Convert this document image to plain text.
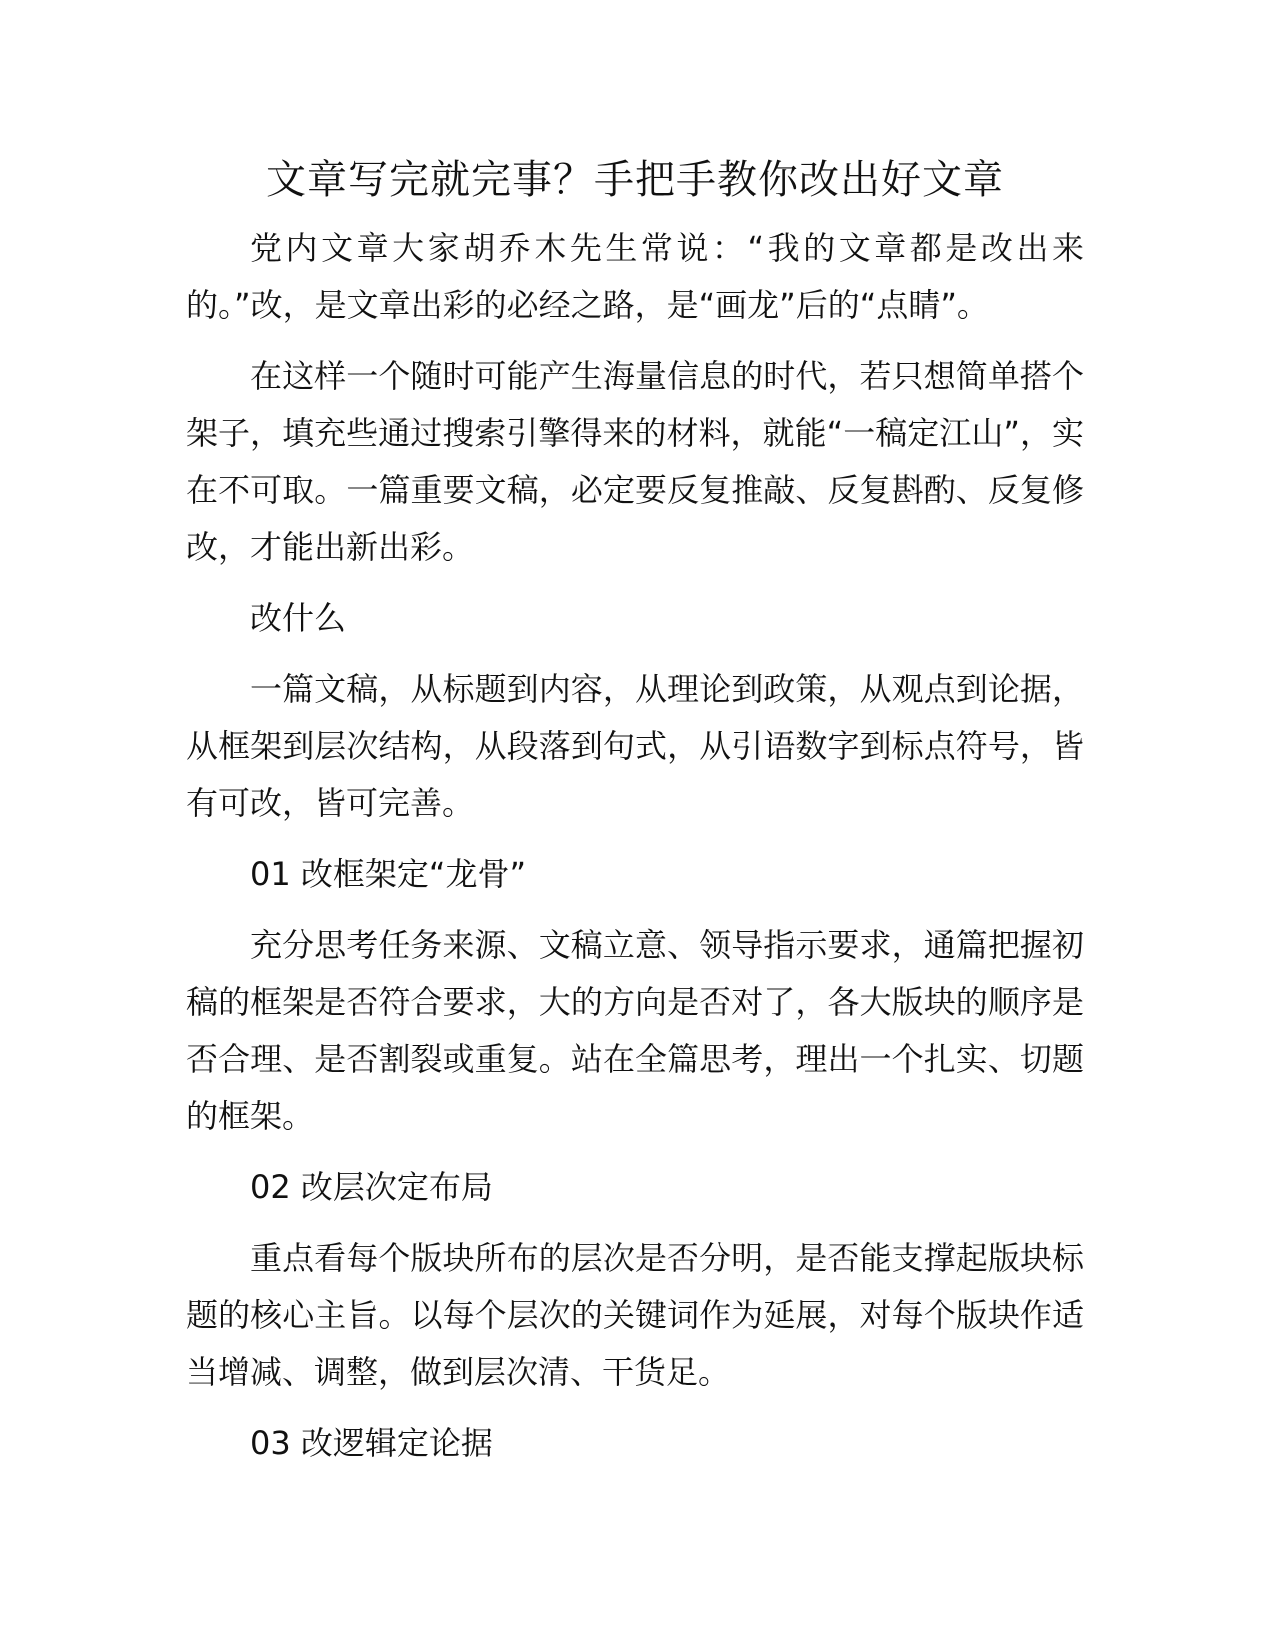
文章写完就完事？手把手教你改出好文章

党内文章大家胡乔木先生常说：“我的文章都是改出来的。”改，是文章出彩的必经之路，是“画龙”后的“点睛”。

在这样一个随时可能产生海量信息的时代，若只想简单搭个架子，填充些通过搜索引擎得来的材料，就能“一稿定江山”，实在不可取。一篇重要文稿，必定要反复推敲、反复斟酌、反复修改，才能出新出彩。

改什么

一篇文稿，从标题到内容，从理论到政策，从观点到论据，从框架到层次结构，从段落到句式，从引语数字到标点符号，皆有可改，皆可完善。

01 改框架定“龙骨”

充分思考任务来源、文稿立意、领导指示要求，通篇把握初稿的框架是否符合要求，大的方向是否对了，各大版块的顺序是否合理、是否割裂或重复。站在全篇思考，理出一个扎实、切题的框架。

02 改层次定布局

重点看每个版块所布的层次是否分明，是否能支撑起版块标题的核心主旨。以每个层次的关键词作为延展，对每个版块作适当增减、调整，做到层次清、干货足。

03 改逻辑定论据
